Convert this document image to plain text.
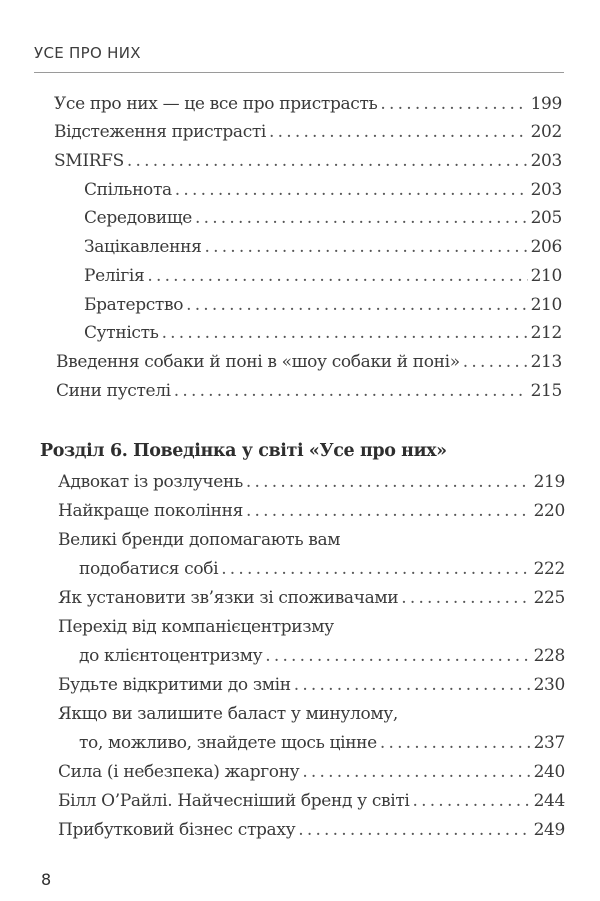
УСЕ ПРО НИХ
Усе про них — це все про пристрасть .....	199
Відстеження пристрасті .....	202
SMIRFS .....	203
Спільнота .....	203
Середовище .....	205
Зацікавлення .....	206
Релігія .....	210
Братерство .....	210
Сутність .....	212
Введення собаки й поні в «шоу собаки й поні» .....	213
Сини пустелі .....	215
Розділ 6. Поведінка у світі «Усе про них»
Адвокат із розлучень .....	219
Найкраще покоління .....	220
Великі бренди допомагають вам
подобатися собі .....	222
Як установити зв’язки зі споживачами .....	225
Перехід від компанієцентризму
до клієнтоцентризму .....	228
Будьте відкритими до змін .....	230
Якщо ви залишите баласт у минулому,
то, можливо, знайдете щось цінне .....	237
Сила (і небезпека) жаргону .....	240
Білл О’Райлі. Найчесніший бренд у світі .....	244
Прибутковий бізнес страху .....	249
8
